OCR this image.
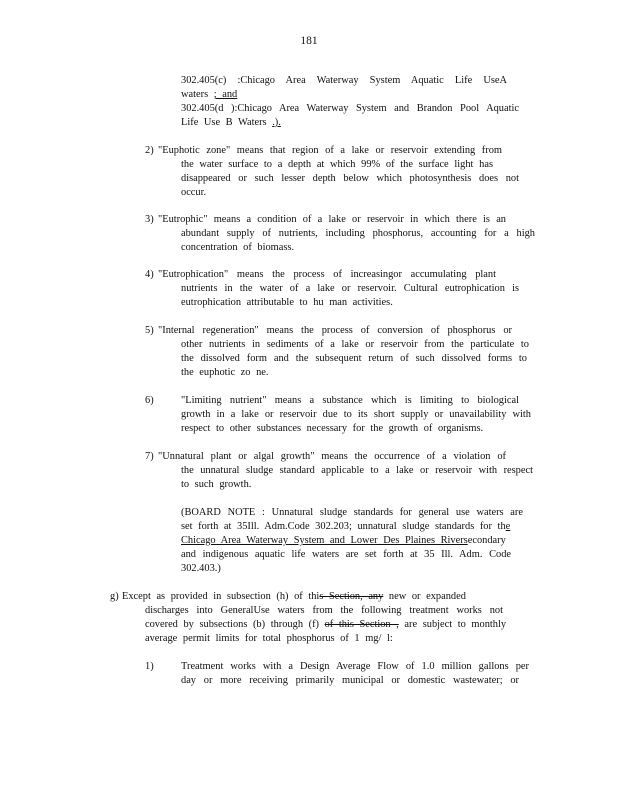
181
302.405(c) :Chicago Area Waterway System Aquatic Life UseA
waters ; and
302.405(d ):Chicago Area Waterway System and Brandon Pool Aquatic
Life Use B Waters .).
2) "Euphotic zone" means that region of a lake or reservoir extending from
the water surface to a depth at which 99% of the surface light has
disappeared or such lesser depth below which photosynthesis does not
occur.
3) "Eutrophic" means a condition of a lake or reservoir in which there is an
abundant supply of nutrients, including phosphorus, accounting for a high
concentration of biomass.
4) "Eutrophication" means the process of increasingor accumulating plant
nutrients in the water of a lake or reservoir. Cultural eutrophication is
eutrophication attributable to hu man activities.
5) "Internal regeneration" means the process of conversion of phosphorus or
other nutrients in sediments of a lake or reservoir from the particulate to
the dissolved form and the subsequent return of such dissolved forms to
the euphotic zo ne.
6)	"Limiting nutrient" means a substance which is limiting to biological
growth in a lake or reservoir due to its short supply or unavailability with
respect to other substances necessary for the growth of organisms.
7) "Unnatural plant or algal growth" means the occurrence of a violation of
the unnatural sludge standard applicable to a lake or reservoir with respect
to such growth.
(BOARD NOTE : Unnatural sludge standards for general use waters are
set forth at 35Ill. Adm.Code 302.203; unnatural sludge standards for the
Chicago Area Waterway System and Lower Des Plaines Riversecondary
and indigenous aquatic life waters are set forth at 35 Ill. Adm. Code
302.403.)
g) Except as provided in subsection (h) of this Section, any new or expanded
discharges into GeneralUse waters from the following treatment works not
covered by subsections (b) through (f) of this Section , are subject to monthly
average permit limits for total phosphorus of 1 mg/ l:
1)	Treatment works with a Design Average Flow of 1.0 million gallons per
day or more receiving primarily municipal or domestic wastewater; or
